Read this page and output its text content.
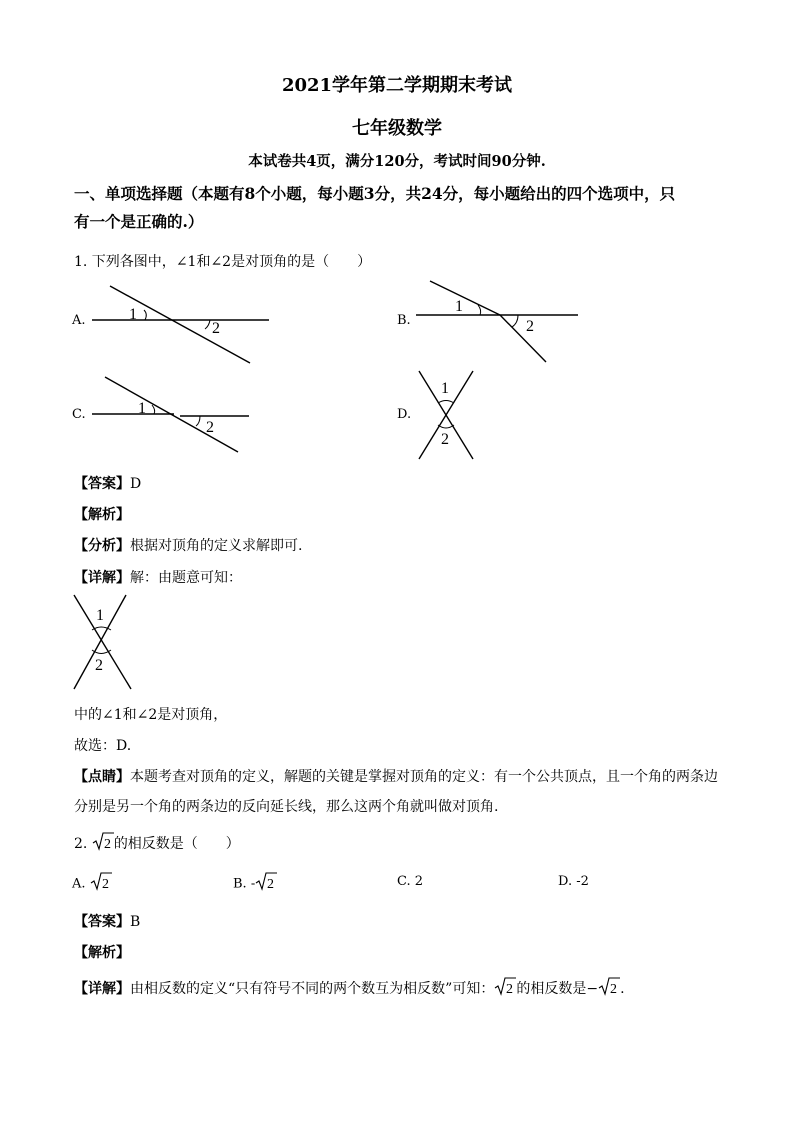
2021学年第二学期期末考试
七年级数学
本试卷共4页，满分120分，考试时间90分钟.
一、单项选择题（本题有8个小题，每小题3分，共24分，每小题给出的四个选项中，只
有一个是正确的.）
1. 下列各图中，∠1和∠2是对顶角的是（　　）
A.	1
2	B.
1
2
C.	1
2
D.
1
2
【答案】D
【解析】
【分析】根据对顶角的定义求解即可.
【详解】解：由题意可知：
1
2
中的∠1和∠2是对顶角，
故选：D.
【点睛】本题考查对顶角的定义，解题的关键是掌握对顶角的定义：有一个公共顶点，且一个角的两条边
分别是另一个角的两条边的反向延长线，那么这两个角就叫做对顶角.
2. 2 的相反数是（　　）
A. 2	B. - 2	C. 2	D. -2
【答案】B
【解析】
【详解】由相反数的定义“只有符号不同的两个数互为相反数”可知： 2 的相反数是− 2 .
